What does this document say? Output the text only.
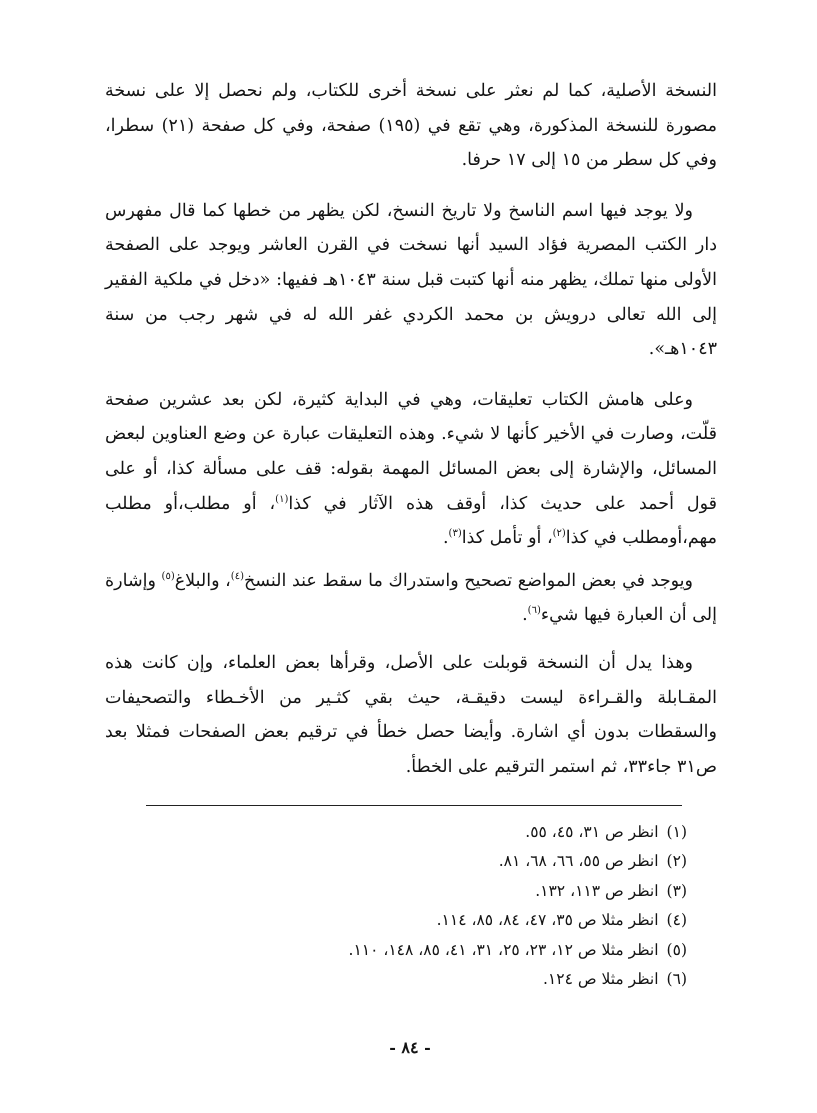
النسخة الأصلية، كما لم نعثر على نسخة أخرى للكتاب، ولم نحصل إلا على نسخة مصورة للنسخة المذكورة، وهي تقع في (١٩٥) صفحة، وفي كل صفحة (٢١) سطرا، وفي كل سطر من ١٥ إلى ١٧ حرفا.

ولا يوجد فيها اسم الناسخ ولا تاريخ النسخ، لكن يظهر من خطها كما قال مفهرس دار الكتب المصرية فؤاد السيد أنها نسخت في القرن العاشر ويوجد على الصفحة الأولى منها تملك، يظهر منه أنها كتبت قبل سنة ١٠٤٣هـ ففيها: «دخل في ملكية الفقير إلى الله تعالى درويش بن محمد الكردي غفر الله له في شهر رجب من سنة ١٠٤٣هـ».

وعلى هامش الكتاب تعليقات، وهي في البداية كثيرة، لكن بعد عشرين صفحة قلّت، وصارت في الأخير كأنها لا شيء. وهذه التعليقات عبارة عن وضع العناوين لبعض المسائل، والإشارة إلى بعض المسائل المهمة بقوله: قف على مسألة كذا، أو على قول أحمد على حديث كذا، أوقف هذه الآثار في كذا$^{(١)}$، أو مطلب،أو مطلب مهم،أومطلب في كذا$^{(٢)}$، أو تأمل كذا$^{(٣)}$.

ويوجد في بعض المواضع تصحيح واستدراك ما سقط عند النسخ$^{(٤)}$، والبلاغ$^{(٥)}$ وإشارة إلى أن العبارة فيها شيء$^{(٦)}$.

وهذا يدل أن النسخة قوبلت على الأصل، وقرأها بعض العلماء، وإن كانت هذه المقـابلة والقـراءة ليست دقيقـة، حيث بقي كثـير من الأخـطاء والتصحيفات والسقطات بدون أي اشارة. وأيضا حصل خطأ في ترقيم بعض الصفحات فمثلا بعد ص٣١ جاء٣٣، ثم استمر الترقيم على الخطأ.

(١)انظر ص ٣١، ٤٥، ٥٥.

(٢)انظر ص ٥٥، ٦٦، ٦٨، ٨١.

(٣)انظر ص ١١٣، ١٣٢.

(٤)انظر مثلا ص ٣٥، ٤٧، ٨٤، ٨٥، ١١٤.

(٥)انظر مثلا ص ١٢، ٢٣، ٢٥، ٣١، ٤١، ٨٥، ١٤٨، ١١٠.

(٦)انظر مثلا ص ١٢٤.

- ٨٤ -
